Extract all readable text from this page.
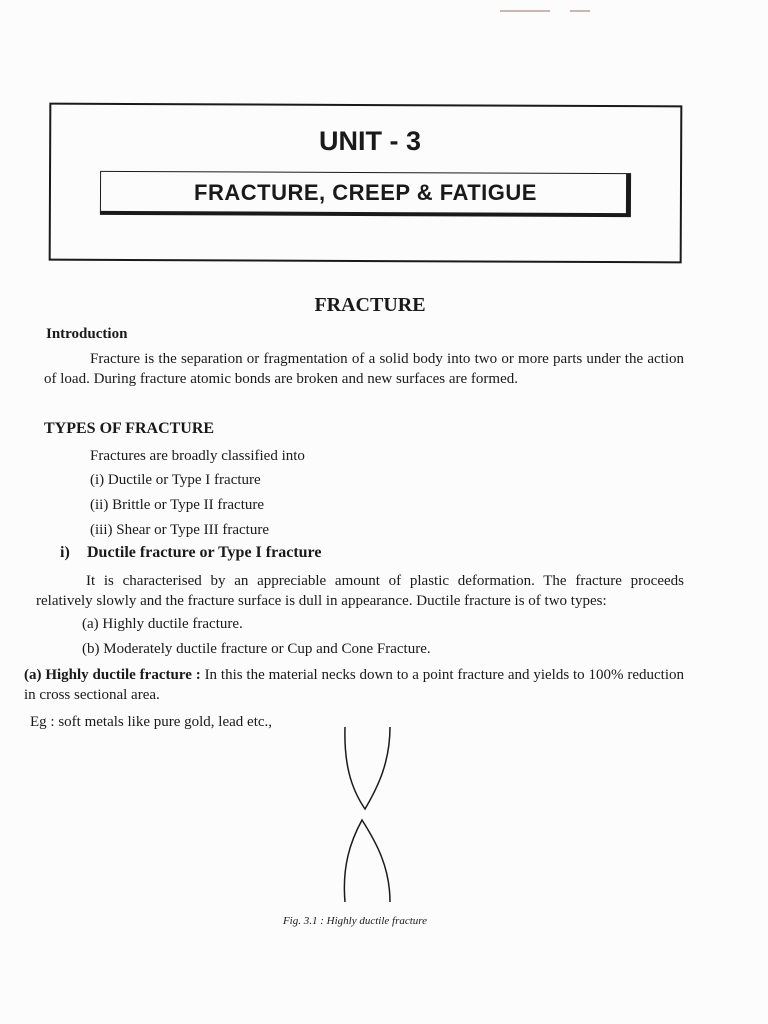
UNIT - 3
FRACTURE, CREEP & FATIGUE
FRACTURE
Introduction
Fracture is the separation or fragmentation of a solid body into two or more parts under the action of load. During fracture atomic bonds are broken and new surfaces are formed.
TYPES OF FRACTURE
Fractures are broadly classified into
(i) Ductile or Type I fracture
(ii) Brittle or Type II fracture
(iii) Shear or Type III fracture
i) Ductile fracture or Type I fracture
It is characterised by an appreciable amount of plastic deformation. The fracture proceeds relatively slowly and the fracture surface is dull in appearance. Ductile fracture is of two types:
(a) Highly ductile fracture.
(b) Moderately ductile fracture or Cup and Cone Fracture.
(a) Highly ductile fracture : In this the material necks down to a point fracture and yields to 100% reduction in cross sectional area.
Eg : soft metals like pure gold, lead etc.,
Fig. 3.1 : Highly ductile fracture
